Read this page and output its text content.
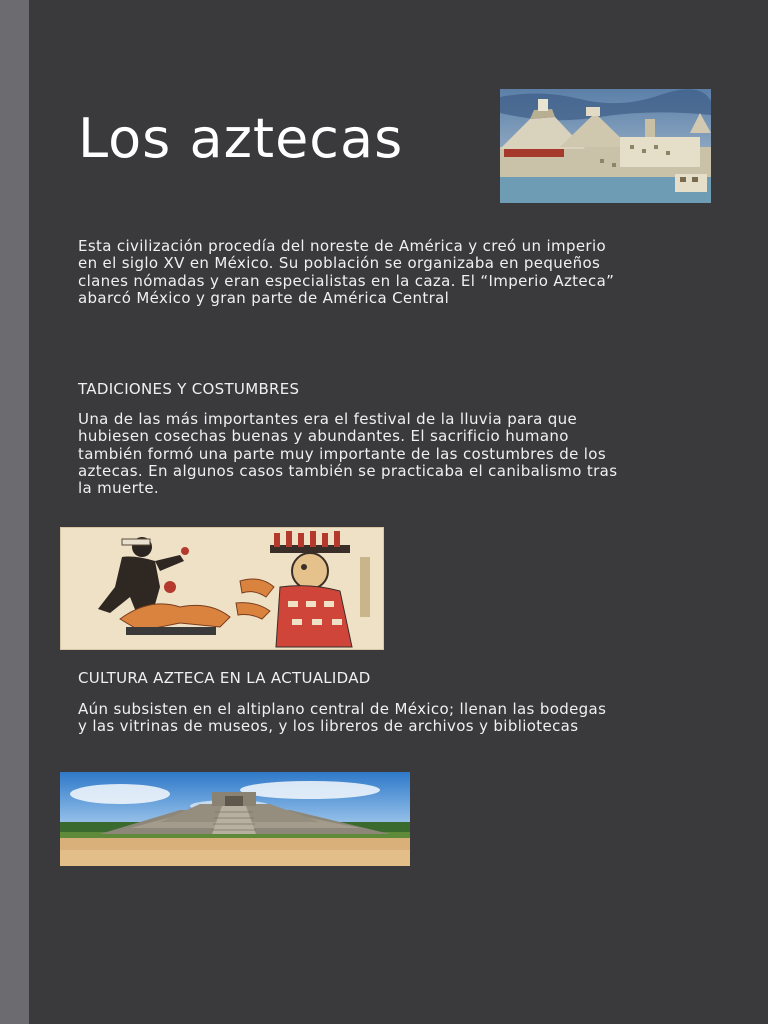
Los aztecas

Esta civilización procedía del noreste de América y creó un imperio en el siglo XV en México. Su población se organizaba en pequeños clanes nómadas y eran especialistas en la caza. El “Imperio Azteca” abarcó México y gran parte de América Central

TADICIONES Y COSTUMBRES

Una de las más importantes era el festival de la lluvia para que hubiesen cosechas buenas y abundantes. El sacrificio humano también formó una parte muy importante de las costumbres de los aztecas. En algunos casos también se practicaba el canibalismo tras la muerte.

CULTURA AZTECA EN LA ACTUALIDAD

Aún subsisten en el altiplano central de México; llenan las bodegas y las vitrinas de museos, y los libreros de archivos y bibliotecas
